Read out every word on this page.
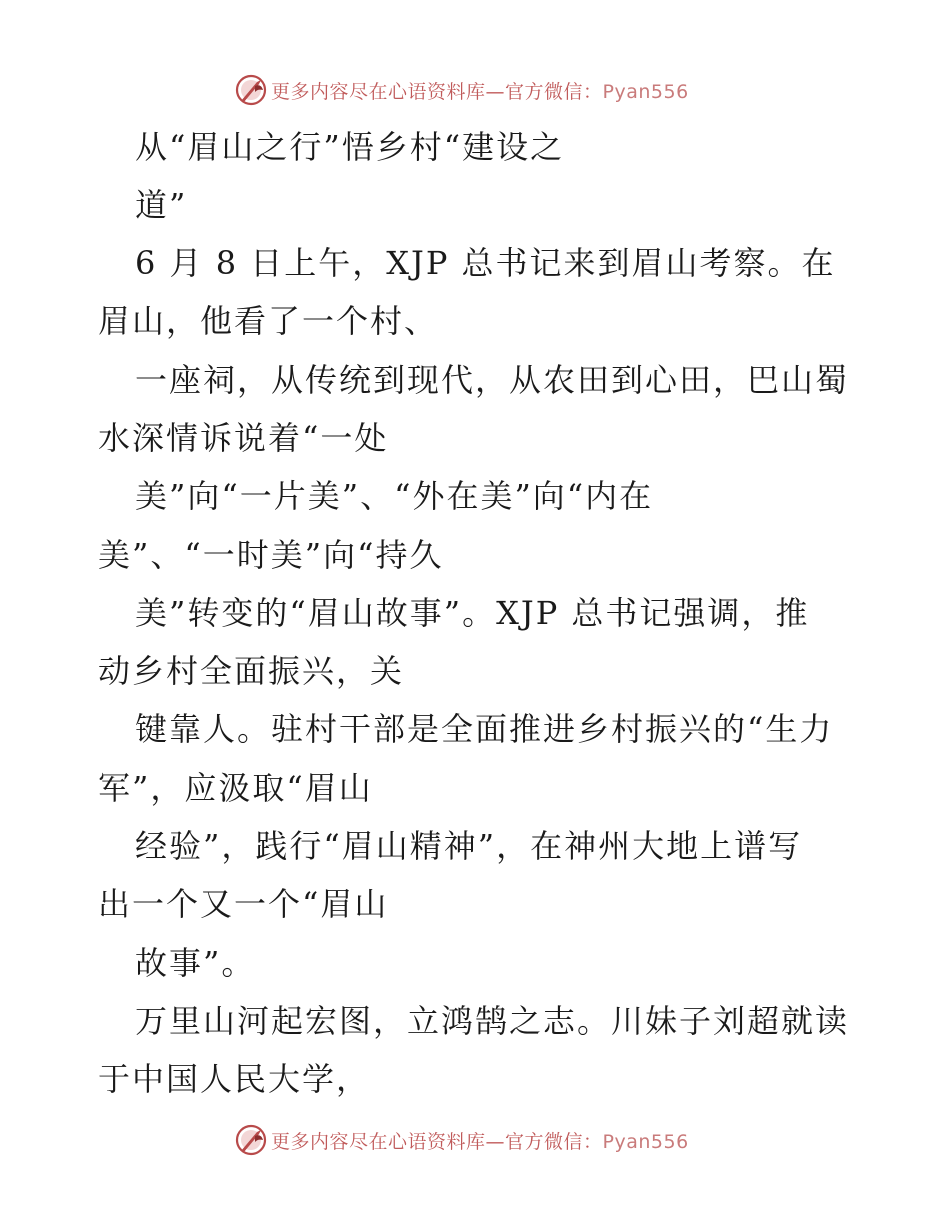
更多内容尽在心语资料库—官方微信：Pyan556
从“眉山之行”悟乡村“建设之
道”
6 月 8 日上午，XJP 总书记来到眉山考察。在
眉山，他看了一个村、
一座祠，从传统到现代，从农田到心田，巴山蜀
水深情诉说着“一处
美”向“一片美”、“外在美”向“内在
美”、“一时美”向“持久
美”转变的“眉山故事”。XJP 总书记强调，推
动乡村全面振兴，关
键靠人。驻村干部是全面推进乡村振兴的“生力
军”，应汲取“眉山
经验”，践行“眉山精神”，在神州大地上谱写
出一个又一个“眉山
故事”。
万里山河起宏图，立鸿鹄之志。川妹子刘超就读
于中国人民大学，
更多内容尽在心语资料库—官方微信：Pyan556
